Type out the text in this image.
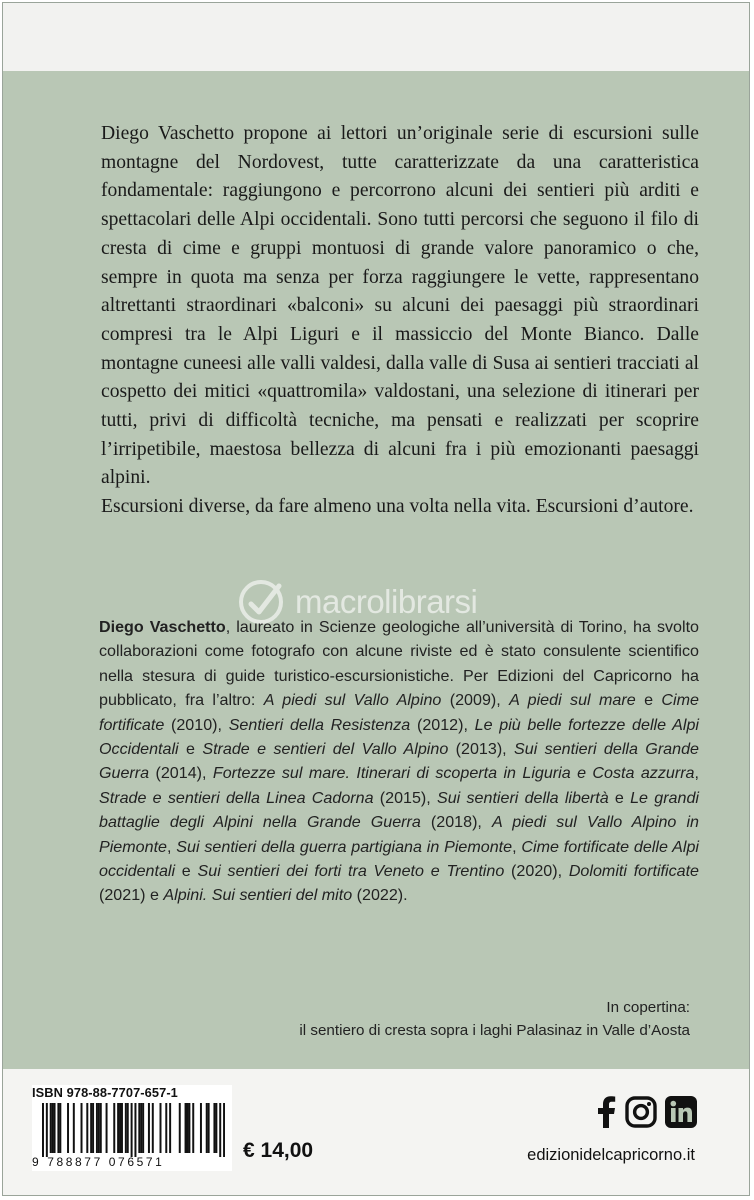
Diego Vaschetto propone ai lettori un’originale serie di escursioni sulle montagne del Nordovest, tutte caratterizzate da una caratteristica fondamentale: raggiungono e percorrono alcuni dei sentieri più arditi e spettacolari delle Alpi occidentali. Sono tutti percorsi che seguono il filo di cresta di cime e gruppi montuosi di grande valore panoramico o che, sempre in quota ma senza per forza raggiungere le vette, rappresentano altrettanti straordinari «balconi» su alcuni dei paesaggi più straordinari compresi tra le Alpi Liguri e il massiccio del Monte Bianco. Dalle montagne cuneesi alle valli valdesi, dalla valle di Susa ai sentieri tracciati al cospetto dei mitici «quattromila» valdostani, una selezione di itinerari per tutti, privi di difficoltà tecniche, ma pensati e realizzati per scoprire l’irripetibile, maestosa bellezza di alcuni fra i più emozionanti paesaggi alpini.

Escursioni diverse, da fare almeno una volta nella vita. Escursioni d’autore.

macrolibrarsi
Diego Vaschetto, laureato in Scienze geologiche all’università di Torino, ha svolto collaborazioni come fotografo con alcune riviste ed è stato consulente scientifico nella stesura di guide turistico-escursionistiche. Per Edizioni del Capricorno ha pubblicato, fra l’altro: A piedi sul Vallo Alpino (2009), A piedi sul mare e Cime fortificate (2010), Sentieri della Resistenza (2012), Le più belle fortezze delle Alpi Occidentali e Strade e sentieri del Vallo Alpino (2013), Sui sentieri della Grande Guerra (2014), Fortezze sul mare. Itinerari di scoperta in Liguria e Costa azzurra, Strade e sentieri della Linea Cadorna (2015), Sui sentieri della libertà e Le grandi battaglie degli Alpini nella Grande Guerra (2018), A piedi sul Vallo Alpino in Piemonte, Sui sentieri della guerra partigiana in Piemonte, Cime fortificate delle Alpi occidentali e Sui sentieri dei forti tra Veneto e Trentino (2020), Dolomiti fortificate (2021) e Alpini. Sui sentieri del mito (2022).
In copertina:
il sentiero di cresta sopra i laghi Palasinaz in Valle d’Aosta
ISBN 978-88-7707-657-1
9 788877 076571	€ 14,00	edizionidelcapricorno.it
